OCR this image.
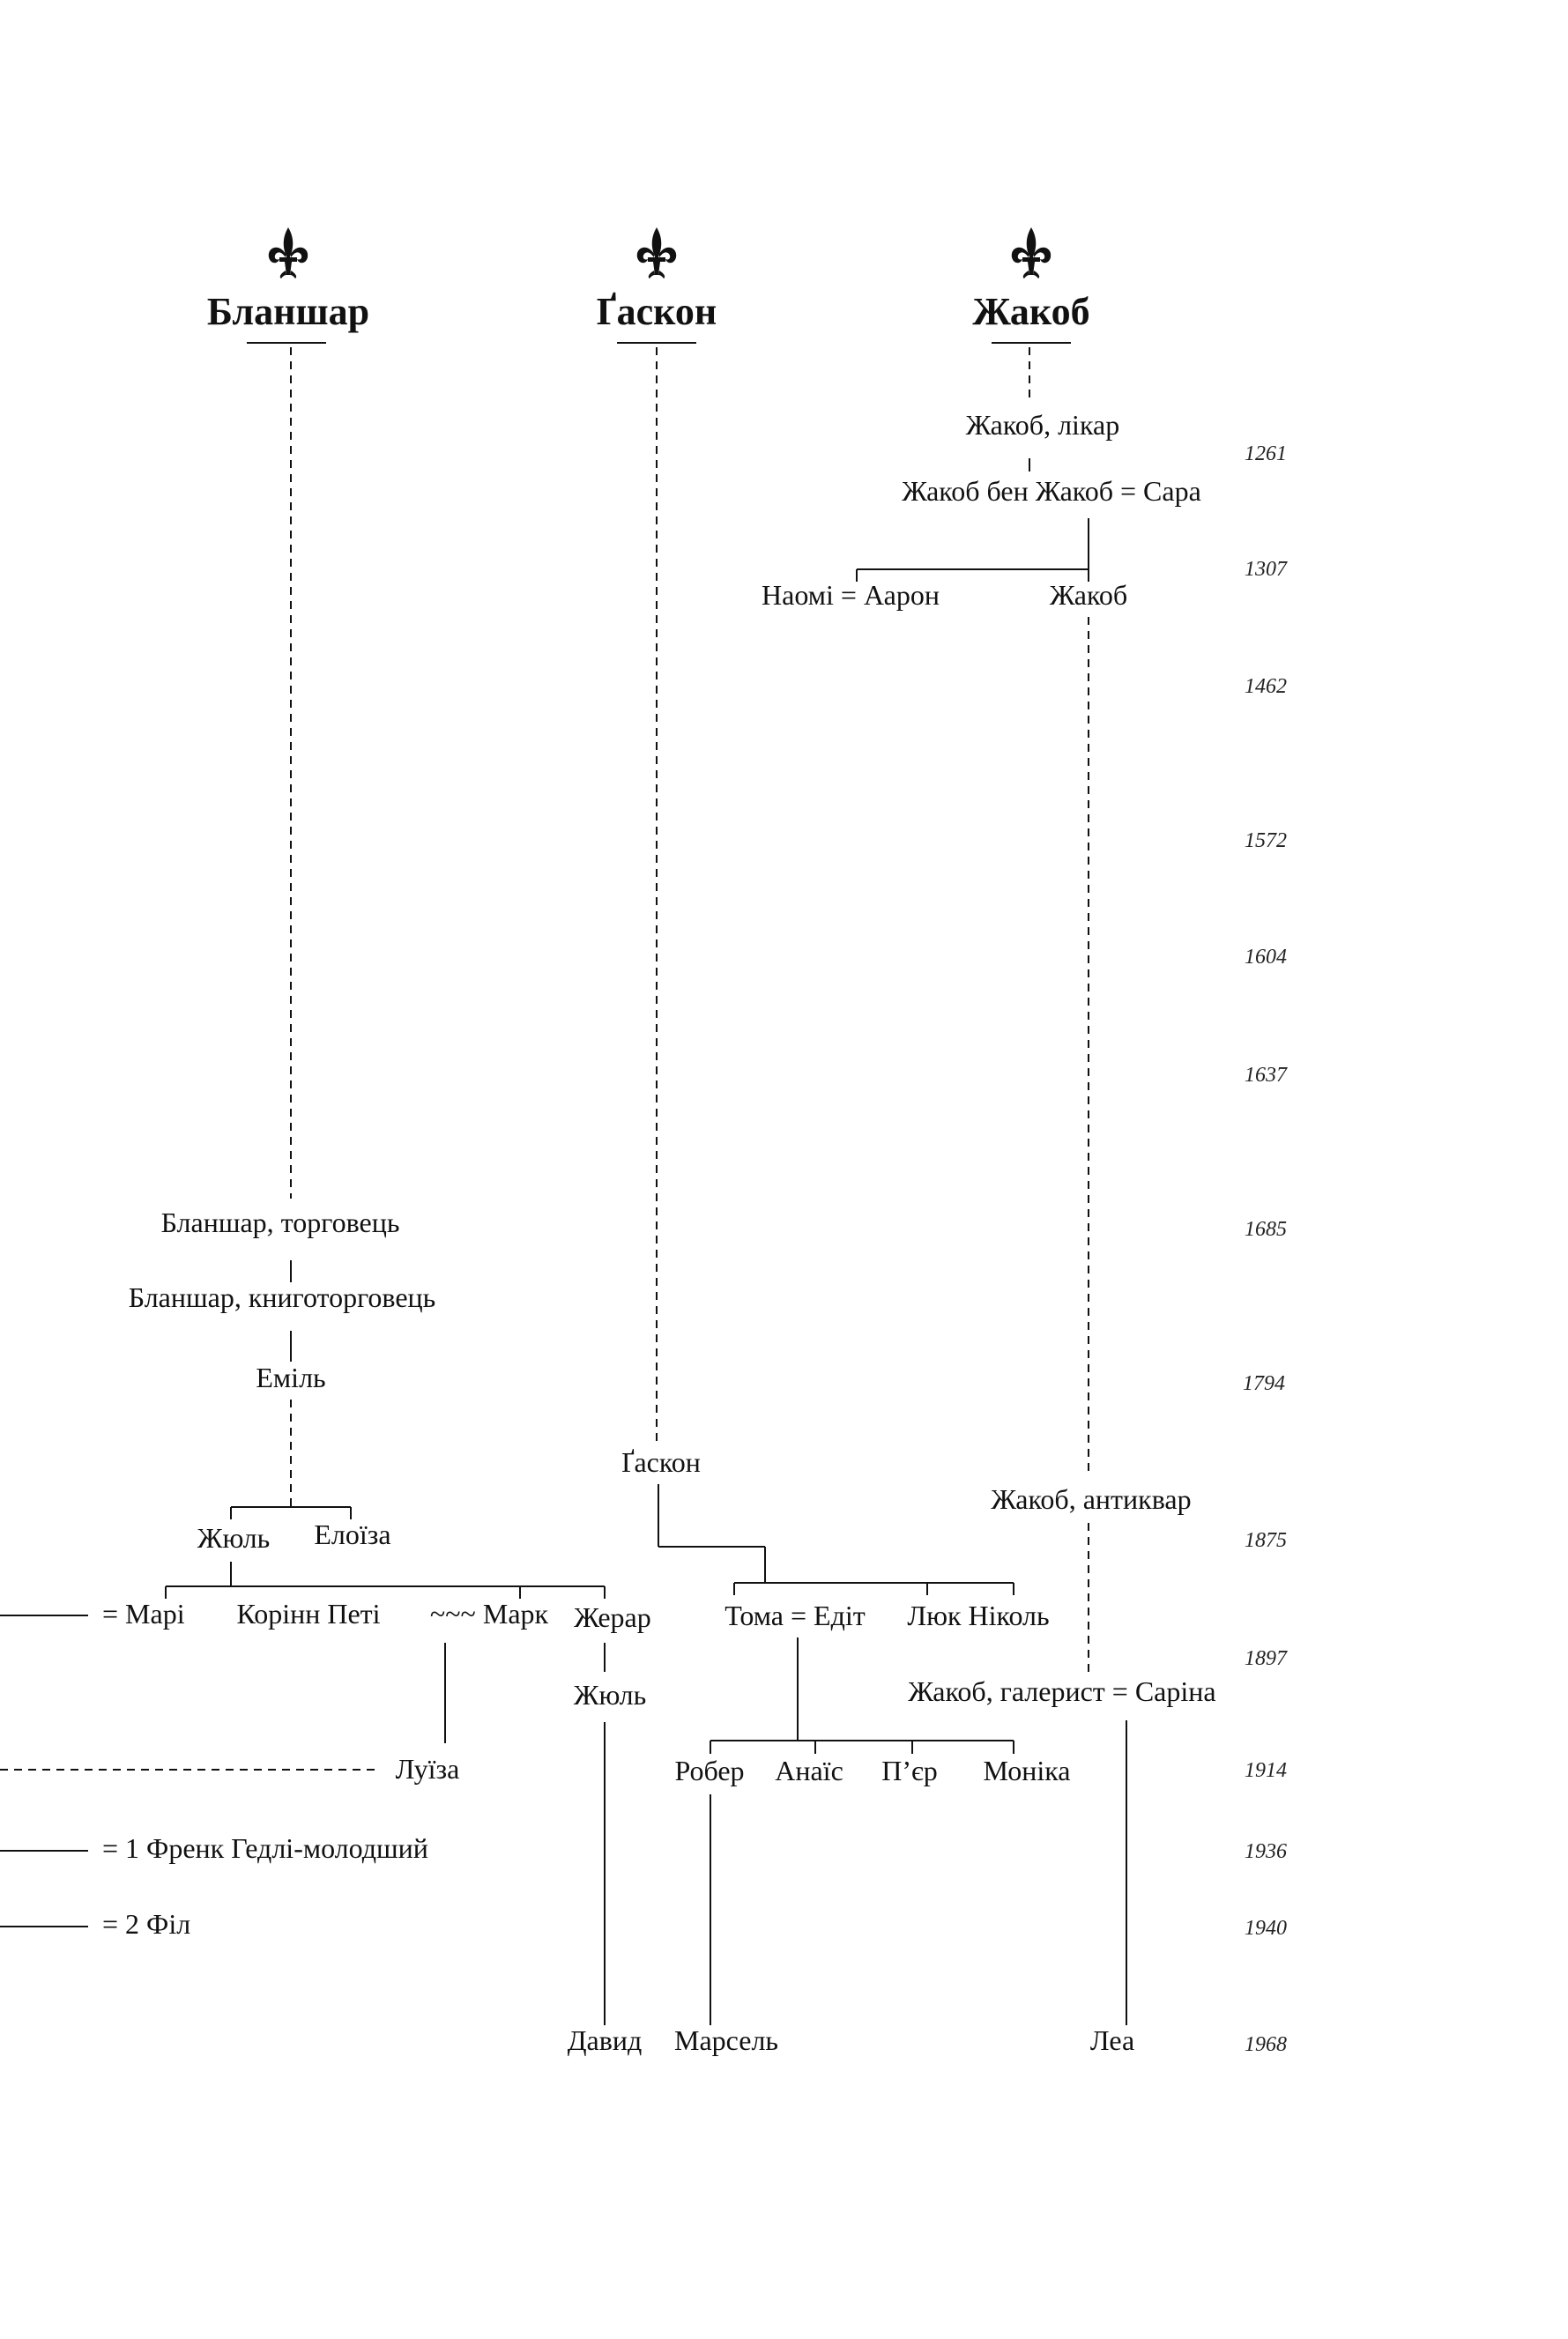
Бланшар	Ґаскон	Жакоб
Жакоб, лікар
Жакоб бен Жакоб = Сара
Наомі = Аарон	Жакоб
Жакоб, антиквар
Жакоб, галерист = Саріна
Леа
Ґаскон
Тома = Едіт Люк Ніколь
Робер Анаїс П’єр Моніка
Марсель
Бланшар, торговець
Бланшар, книготорговець
Еміль
Жюль Елоїза
= Марі Корінн Петі ~~~ Марк Жерар
Жюль
Давид
Луїза
= 1 Френк Гедлі-молодший
= 2 Філ
1261
1307
1462
1572
1604
1637
1685
1794
1875
1897
1914
1936
1940
1968
